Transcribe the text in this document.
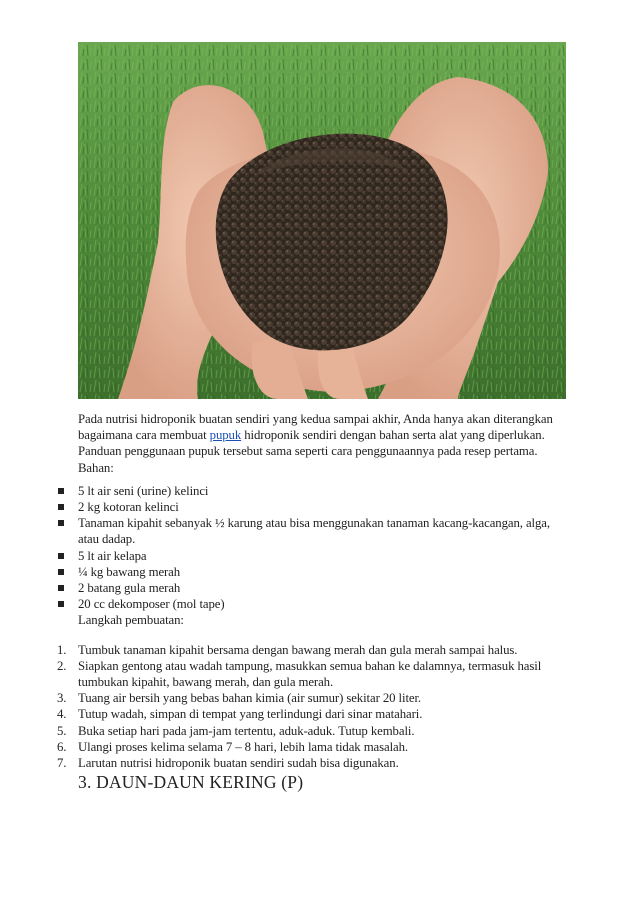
Pada nutrisi hidroponik buatan sendiri yang kedua sampai akhir, Anda hanya akan diterangkan bagaimana cara membuat pupuk hidroponik sendiri dengan bahan serta alat yang diperlukan. Panduan penggunaan pupuk tersebut sama seperti cara penggunaannya pada resep pertama.

Bahan:

5 lt air seni (urine) kelinci
2 kg kotoran kelinci
Tanaman kipahit sebanyak ½ karung atau bisa menggunakan tanaman kacang-kacangan, alga, atau dadap.
5 lt air kelapa
¼ kg bawang merah
2 batang gula merah
20 cc dekomposer (mol tape)

Langkah pembuatan:

1. Tumbuk tanaman kipahit bersama dengan bawang merah dan gula merah sampai halus.
2. Siapkan gentong atau wadah tampung, masukkan semua bahan ke dalamnya, termasuk hasil tumbukan kipahit, bawang merah, dan gula merah.
3. Tuang air bersih yang bebas bahan kimia (air sumur) sekitar 20 liter.
4. Tutup wadah, simpan di tempat yang terlindungi dari sinar matahari.
5. Buka setiap hari pada jam-jam tertentu, aduk-aduk. Tutup kembali.
6. Ulangi proses kelima selama 7 – 8 hari, lebih lama tidak masalah.
7. Larutan nutrisi hidroponik buatan sendiri sudah bisa digunakan.
3. DAUN-DAUN KERING (P)
